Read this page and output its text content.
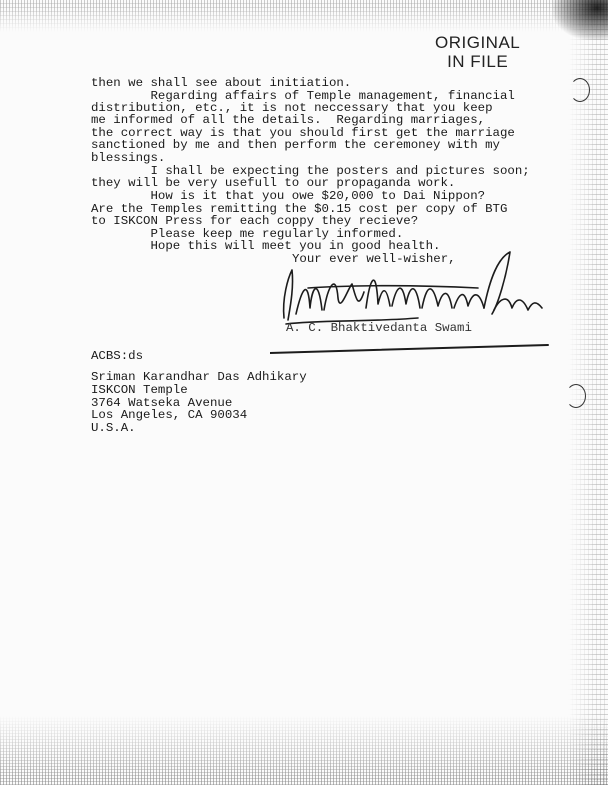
ORIGINAL
IN FILE
then we shall see about initiation.
Regarding affairs of Temple management, financial
distribution, etc., it is not neccessary that you keep
me informed of all the details.  Regarding marriages,
the correct way is that you should first get the marriage
sanctioned by me and then perform the ceremoney with my
blessings.
I shall be expecting the posters and pictures soon;
they will be very usefull to our propaganda work.
How is it that you owe $20,000 to Dai Nippon?
Are the Temples remitting the $0.15 cost per copy of BTG
to ISKCON Press for each coppy they recieve?
Please keep me regularly informed.
Hope this will meet you in good health.
Your ever well-wisher,
A. C. Bhaktivedanta Swami
ACBS:ds
Sriman Karandhar Das Adhikary
ISKCON Temple
3764 Watseka Avenue
Los Angeles, CA 90034
U.S.A.
